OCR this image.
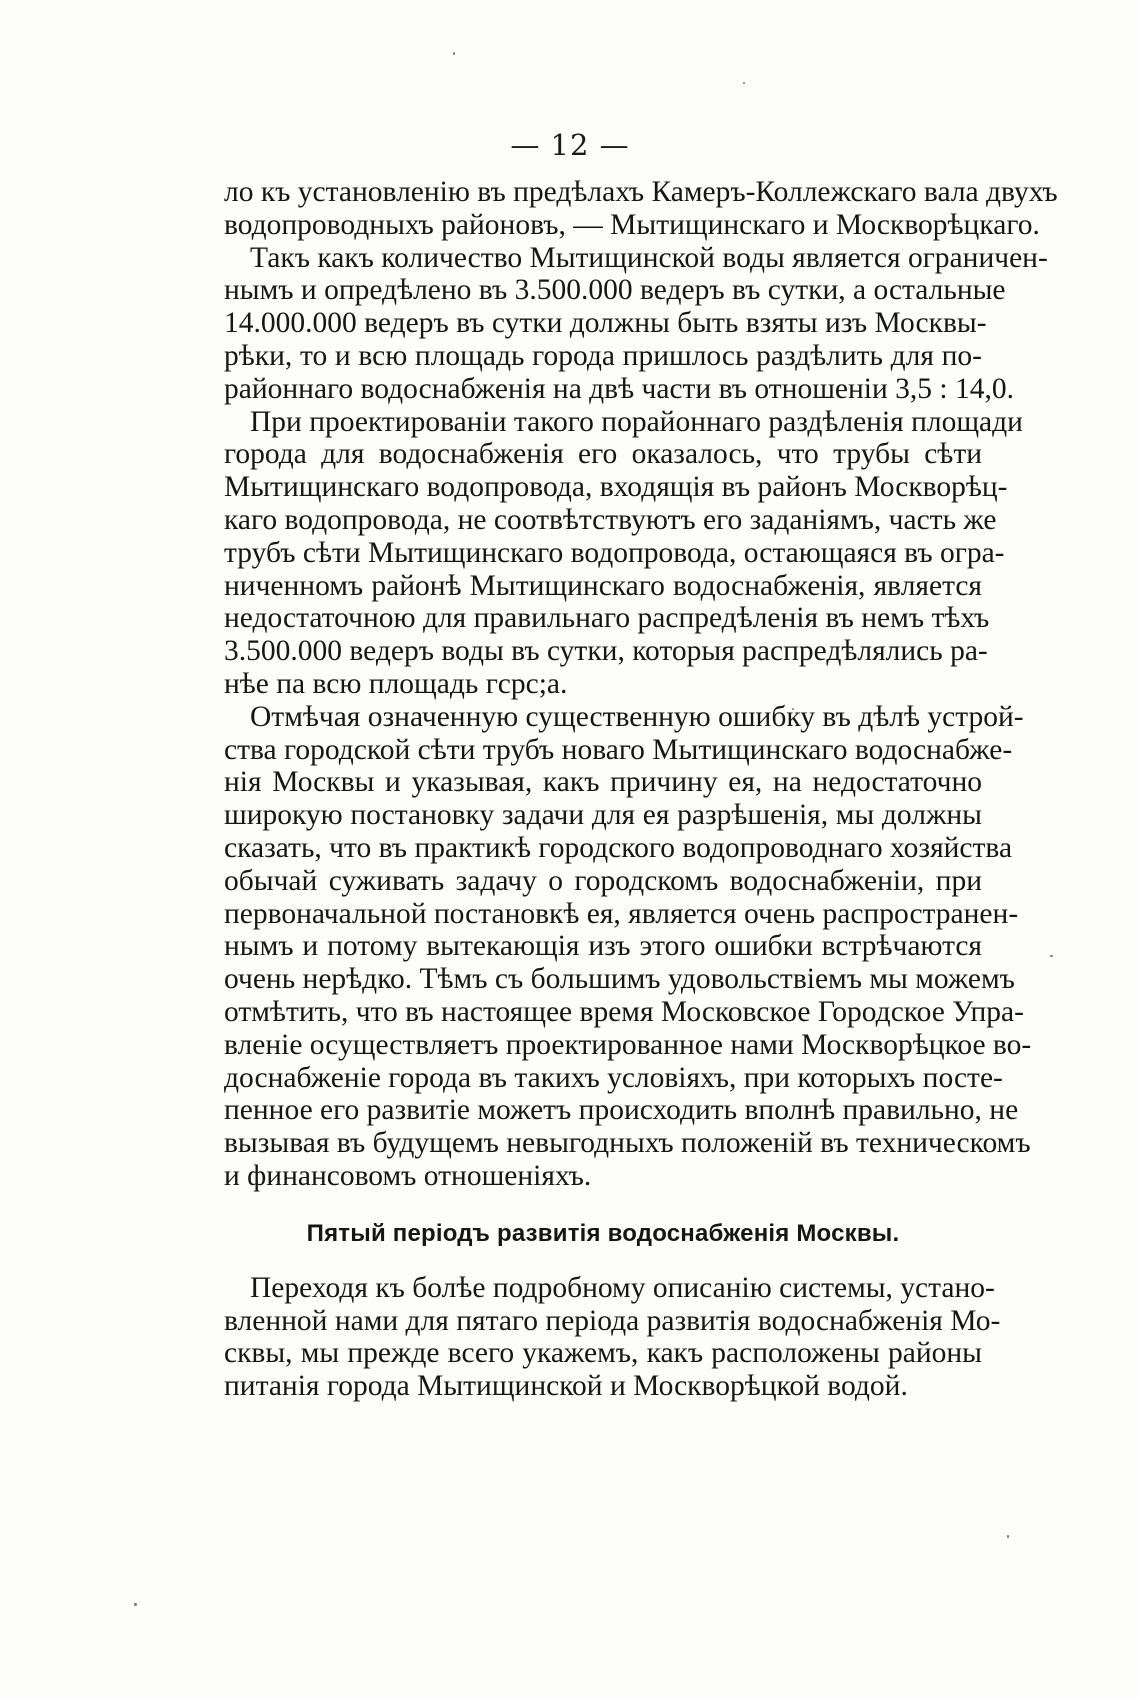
— 12 —

ло къ установленію въ предѣлахъ Камеръ-Коллежскаго вала двухъ
водопроводныхъ районовъ, — Мытищинскаго и Москворѣцкаго.

Такъ какъ количество Мытищинской воды является ограничен-
нымъ и опредѣлено въ 3.500.000 ведеръ въ сутки, а остальные
14.000.000 ведеръ въ сутки должны быть взяты изъ Москвы-
рѣки, то и всю площадь города пришлось раздѣлить для по-
районнаго водоснабженія на двѣ части въ отношеніи 3,5 : 14,0.

При проектированіи такого порайоннаго раздѣленія площади
города для водоснабженія его оказалось, что трубы сѣти
Мытищинскаго водопровода, входящія въ районъ Москворѣц-
каго водопровода, не соотвѣтствуютъ его заданіямъ, часть же
трубъ сѣти Мытищинскаго водопровода, остающаяся въ огра-
ниченномъ районѣ Мытищинскаго водоснабженія, является
недостаточною для правильнаго распредѣленія въ немъ тѣхъ
3.500.000 ведеръ воды въ сутки, которыя распредѣлялись ра-
нѣе па всю площадь гсрс;а.

Отмѣчая означенную существенную ошибку въ дѣлѣ устрой-
ства городской сѣти трубъ новаго Мытищинскаго водоснабже-
нія Москвы и указывая, какъ причину ея, на недостаточно
широкую постановку задачи для ея разрѣшенія, мы должны
сказать, что въ практикѣ городского водопроводнаго хозяйства
обычай суживать задачу о городскомъ водоснабженіи, при
первоначальной постановкѣ ея, является очень распространен-
нымъ и потому вытекающія изъ этого ошибки встрѣчаются
очень нерѣдко. Тѣмъ съ большимъ удовольствіемъ мы можемъ
отмѣтить, что въ настоящее время Московское Городское Упра-
вленіе осуществляетъ проектированное нами Москворѣцкое во-
доснабженіе города въ такихъ условіяхъ, при которыхъ посте-
пенное его развитіе можетъ происходить вполнѣ правильно, не
вызывая въ будущемъ невыгодныхъ положеній въ техническомъ
и финансовомъ отношеніяхъ.

Пятый періодъ развитія водоснабженія Москвы.

Переходя къ болѣе подробному описанію системы, устано-
вленной нами для пятаго періода развитія водоснабженія Мо-
сквы, мы прежде всего укажемъ, какъ расположены районы
питанія города Мытищинской и Москворѣцкой водой.
